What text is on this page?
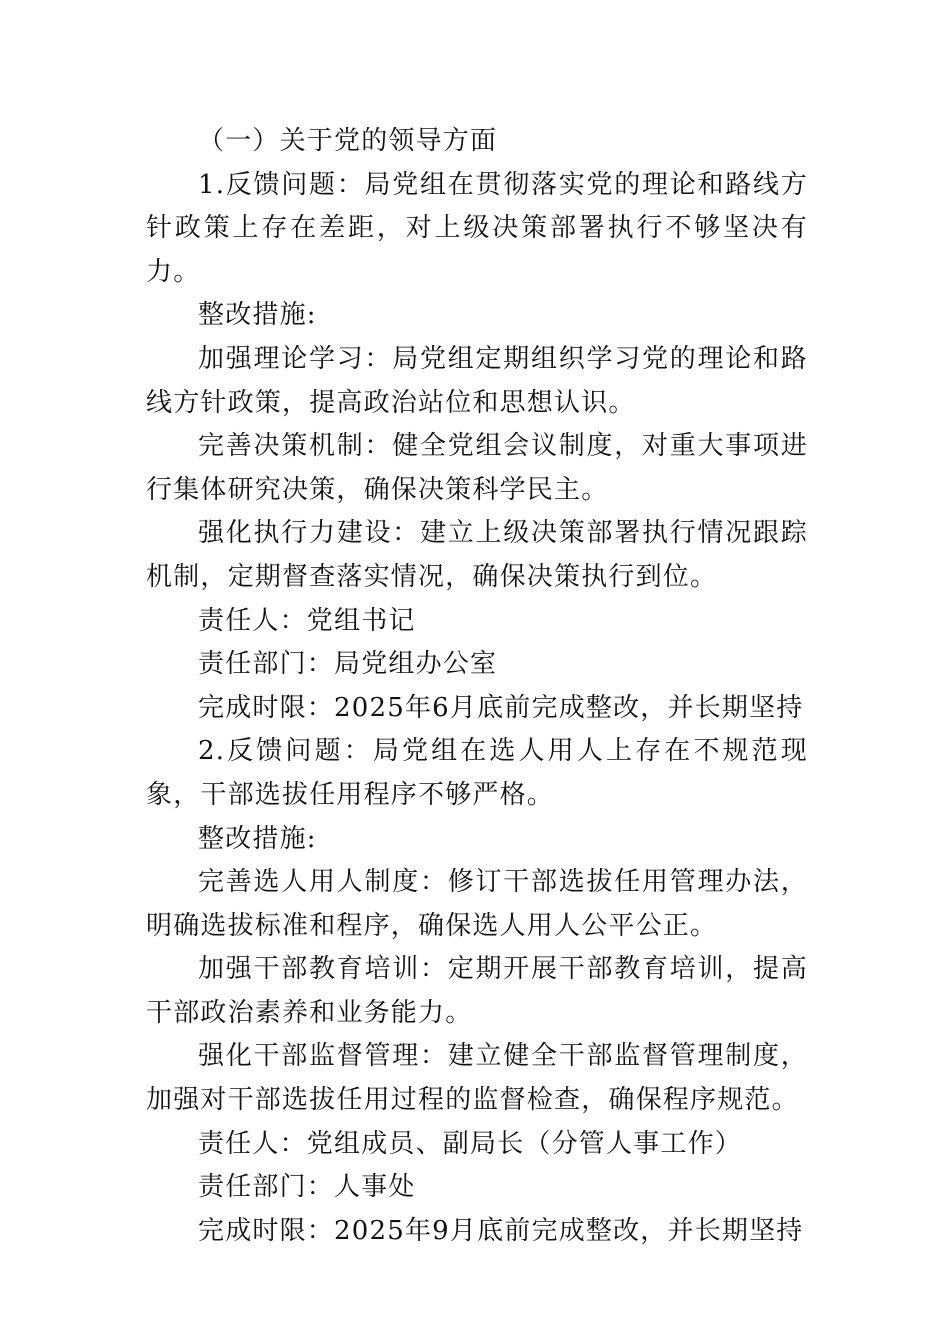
（一）关于党的领导方面

1.反馈问题：局党组在贯彻落实党的理论和路线方针政策上存在差距，对上级决策部署执行不够坚决有力。

整改措施:

加强理论学习：局党组定期组织学习党的理论和路线方针政策，提高政治站位和思想认识。

完善决策机制：健全党组会议制度，对重大事项进行集体研究决策，确保决策科学民主。

强化执行力建设：建立上级决策部署执行情况跟踪机制，定期督查落实情况，确保决策执行到位。

责任人：党组书记

责任部门：局党组办公室

完成时限：2025年6月底前完成整改，并长期坚持

2.反馈问题：局党组在选人用人上存在不规范现象，干部选拔任用程序不够严格。

整改措施:

完善选人用人制度：修订干部选拔任用管理办法，明确选拔标准和程序，确保选人用人公平公正。

加强干部教育培训：定期开展干部教育培训，提高干部政治素养和业务能力。

强化干部监督管理：建立健全干部监督管理制度，加强对干部选拔任用过程的监督检查，确保程序规范。

责任人：党组成员、副局长（分管人事工作）

责任部门：人事处

完成时限：2025年9月底前完成整改，并长期坚持
